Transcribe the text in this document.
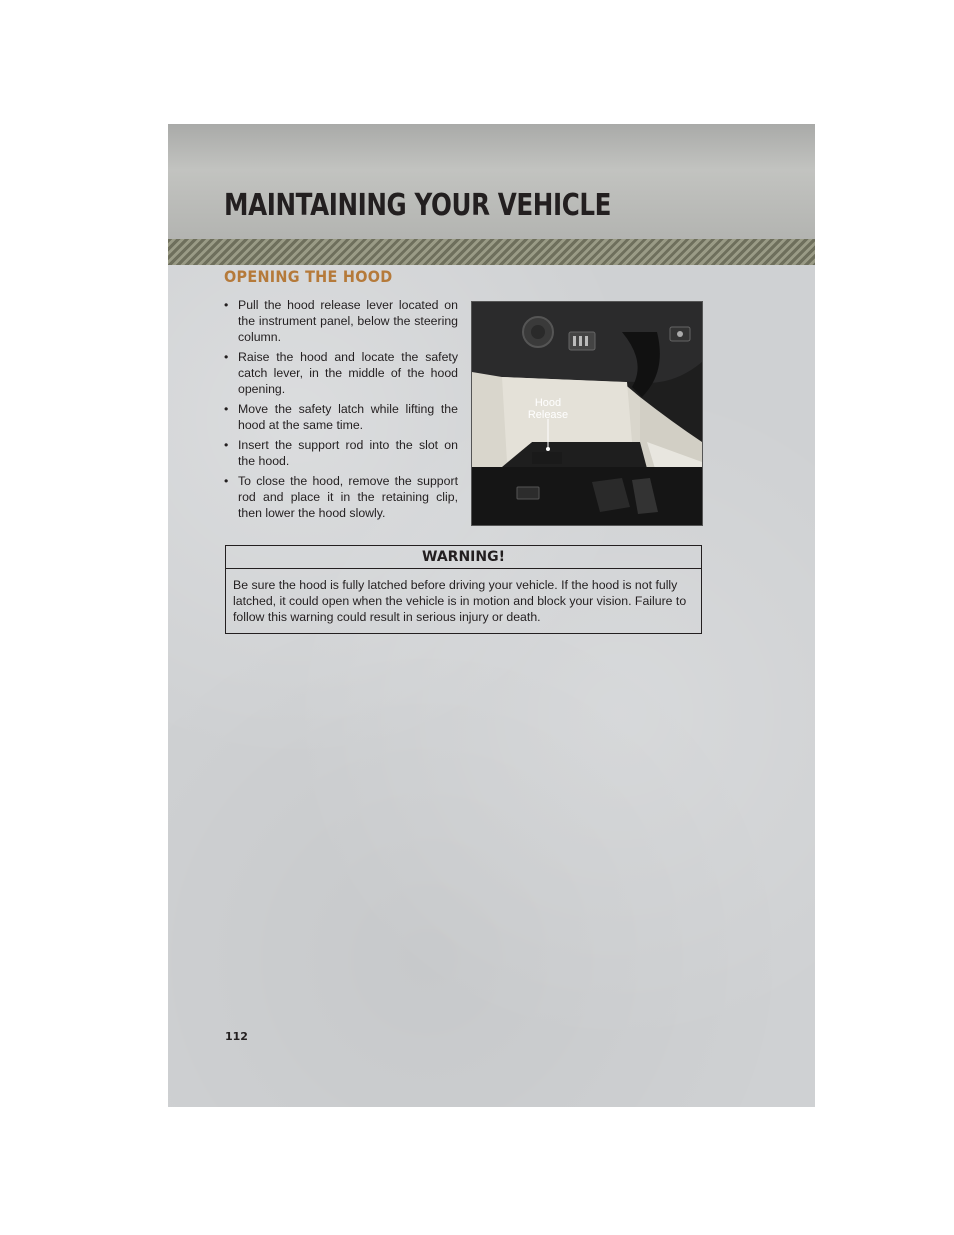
MAINTAINING YOUR VEHICLE
OPENING THE HOOD
• Pull the hood release lever located on the instrument panel, below the steering column.
• Raise the hood and locate the safety catch lever, in the middle of the hood opening.
• Move the safety latch while lifting the hood at the same time.
• Insert the support rod into the slot on the hood.
• To close the hood, remove the support rod and place it in the retaining clip, then lower the hood slowly.
Hood
Release
WARNING!

Be sure the hood is fully latched before driving your vehicle. If the hood is not fully latched, it could open when the vehicle is in motion and block your vision. Failure to follow this warning could result in serious injury or death.

112
